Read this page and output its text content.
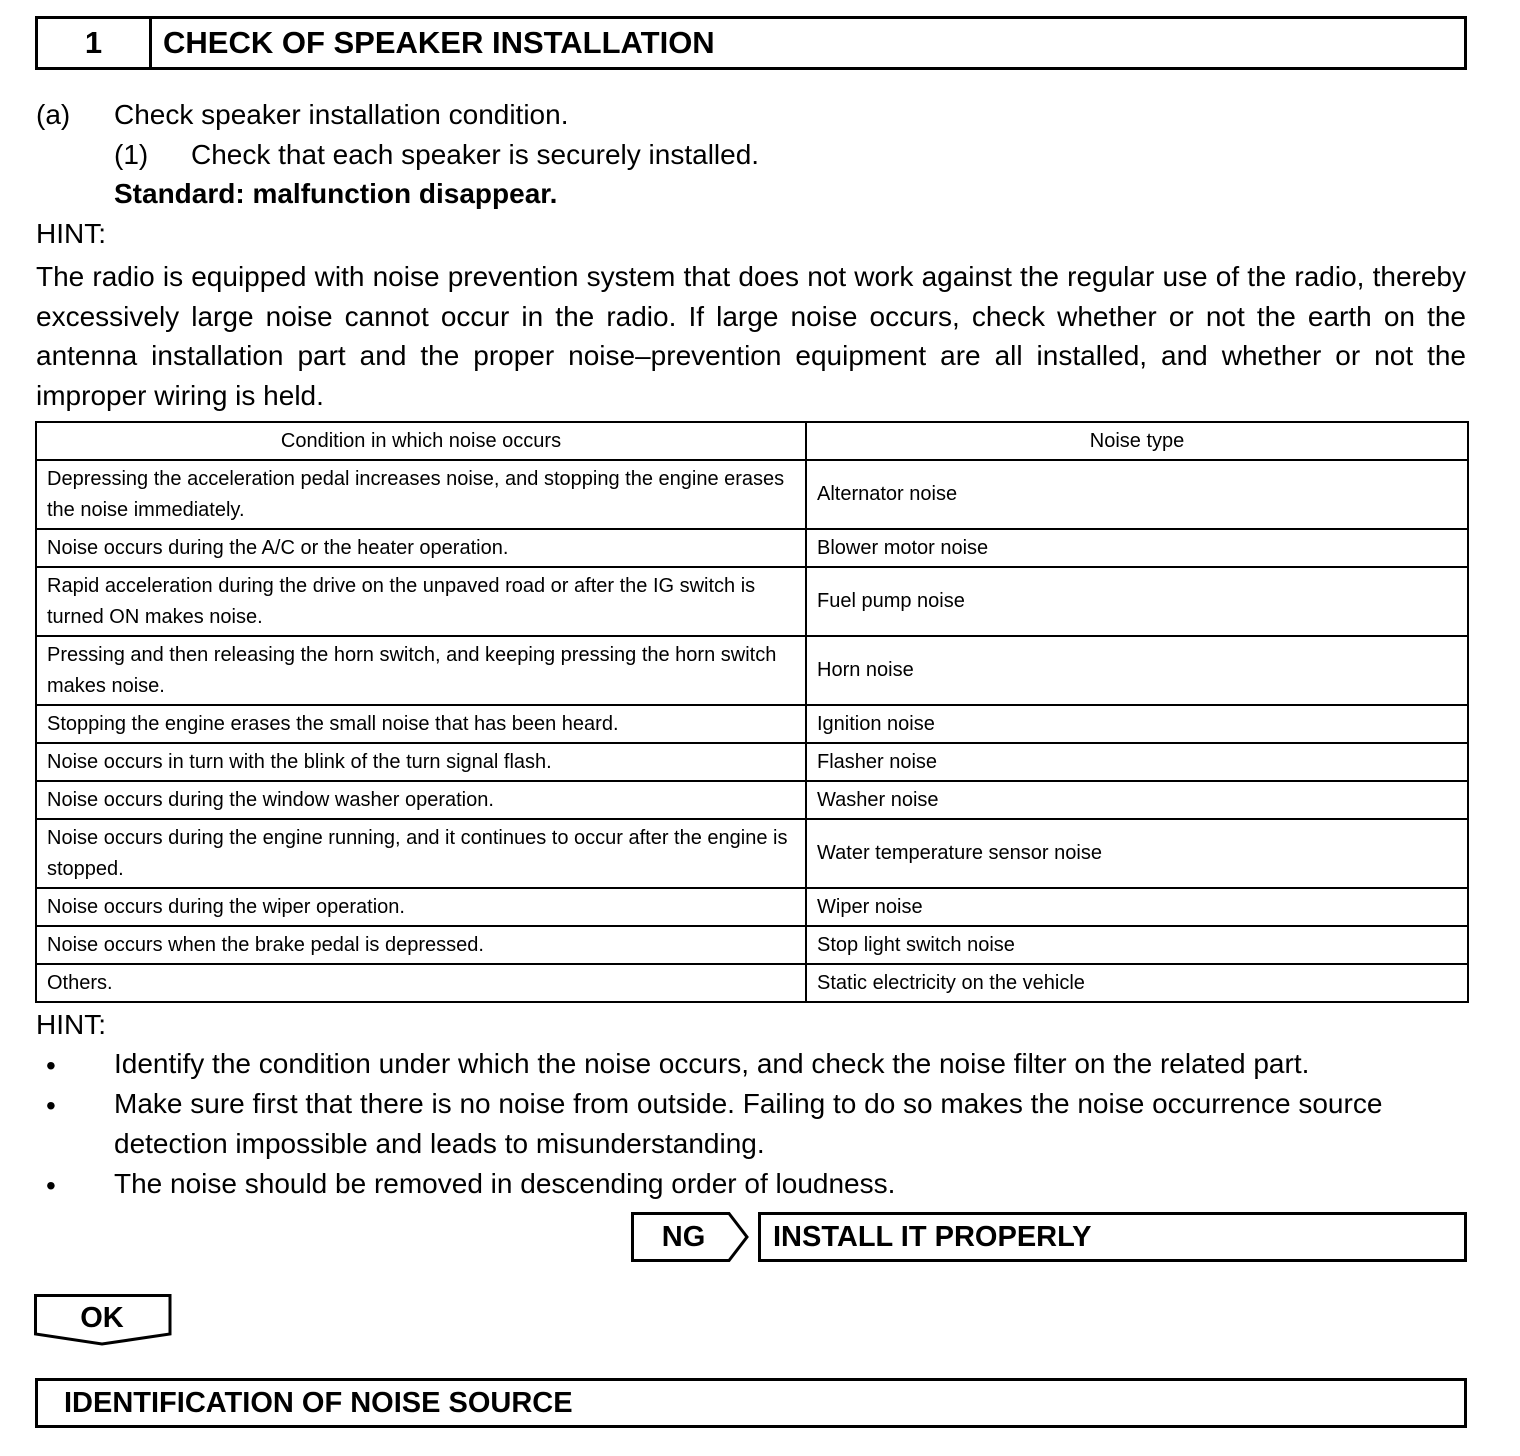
1	CHECK OF SPEAKER INSTALLATION
(a) Check speaker installation condition.
(1) Check that each speaker is securely installed.
Standard: malfunction disappear.
HINT:
The radio is equipped with noise prevention system that does not work against the regular use of the radio, thereby excessively large noise cannot occur in the radio. If large noise occurs, check whether or not the earth on the antenna installation part and the proper noise–prevention equipment are all installed, and whether or not the improper wiring is held.
Condition in which noise occurs	Noise type
Depressing the acceleration pedal increases noise, and stopping the engine erases the noise immediately.	Alternator noise
Noise occurs during the A/C or the heater operation.	Blower motor noise
Rapid acceleration during the drive on the unpaved road or after the IG switch is turned ON makes noise.	Fuel pump noise
Pressing and then releasing the horn switch, and keeping pressing the horn switch makes noise.	Horn noise
Stopping the engine erases the small noise that has been heard.	Ignition noise
Noise occurs in turn with the blink of the turn signal flash.	Flasher noise
Noise occurs during the window washer operation.	Washer noise
Noise occurs during the engine running, and it continues to occur after the engine is stopped.	Water temperature sensor noise
Noise occurs during the wiper operation.	Wiper noise
Noise occurs when the brake pedal is depressed.	Stop light switch noise
Others.	Static electricity on the vehicle
HINT:
• Identify the condition under which the noise occurs, and check the noise filter on the related part.
• Make sure first that there is no noise from outside. Failing to do so makes the noise occurrence source
detection impossible and leads to misunderstanding.
• The noise should be removed in descending order of loudness.
NG	INSTALL IT PROPERLY
OK
IDENTIFICATION OF NOISE SOURCE
